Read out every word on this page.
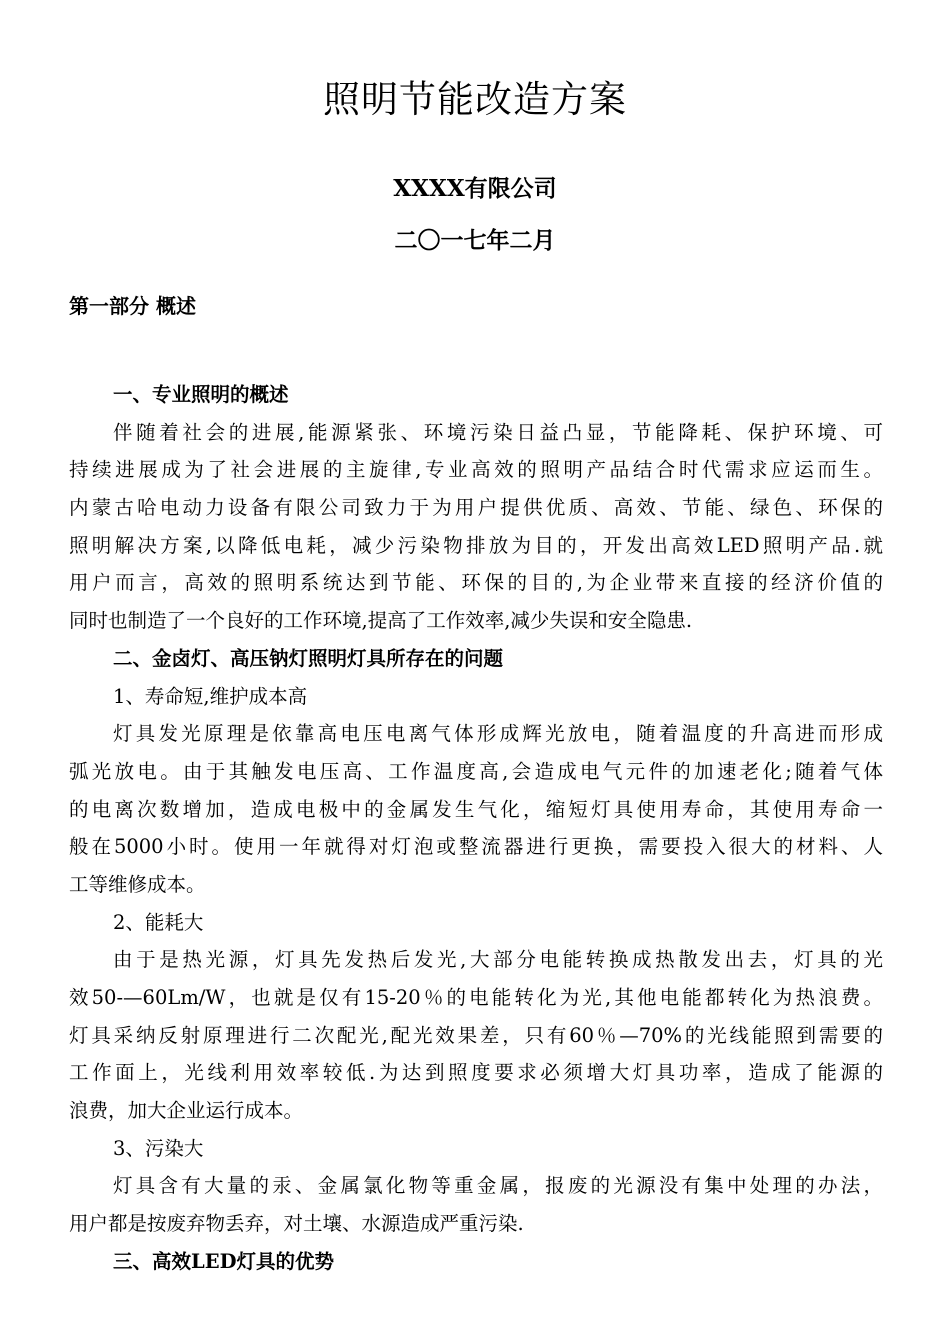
照明节能改造方案

XXXX有限公司

二〇一七年二月

第一部分 概述

一、专业照明的概述

伴随着社会的进展,能源紧张、环境污染日益凸显，节能降耗、保护环境、可

持续进展成为了社会进展的主旋律,专业高效的照明产品结合时代需求应运而生。

内蒙古哈电动力设备有限公司致力于为用户提供优质、高效、节能、绿色、环保的

照明解决方案,以降低电耗，减少污染物排放为目的，开发出高效LED照明产品.就

用户而言，高效的照明系统达到节能、环保的目的,为企业带来直接的经济价值的

同时也制造了一个良好的工作环境,提高了工作效率,减少失误和安全隐患.

二、金卤灯、高压钠灯照明灯具所存在的问题

1、寿命短,维护成本高

灯具发光原理是依靠高电压电离气体形成辉光放电，随着温度的升高进而形成

弧光放电。由于其触发电压高、工作温度高,会造成电气元件的加速老化;随着气体

的电离次数增加，造成电极中的金属发生气化，缩短灯具使用寿命，其使用寿命一

般在5000小时。使用一年就得对灯泡或整流器进行更换，需要投入很大的材料、人

工等维修成本。

2、能耗大

由于是热光源，灯具先发热后发光,大部分电能转换成热散发出去，灯具的光

效50-—60Lm/W，也就是仅有15-20％的电能转化为光,其他电能都转化为热浪费。

灯具采纳反射原理进行二次配光,配光效果差，只有60％—70%的光线能照到需要的

工作面上，光线利用效率较低.为达到照度要求必须增大灯具功率，造成了能源的

浪费，加大企业运行成本。

3、污染大

灯具含有大量的汞、金属氯化物等重金属，报废的光源没有集中处理的办法，

用户都是按废弃物丢弃，对土壤、水源造成严重污染.

三、高效LED灯具的优势
